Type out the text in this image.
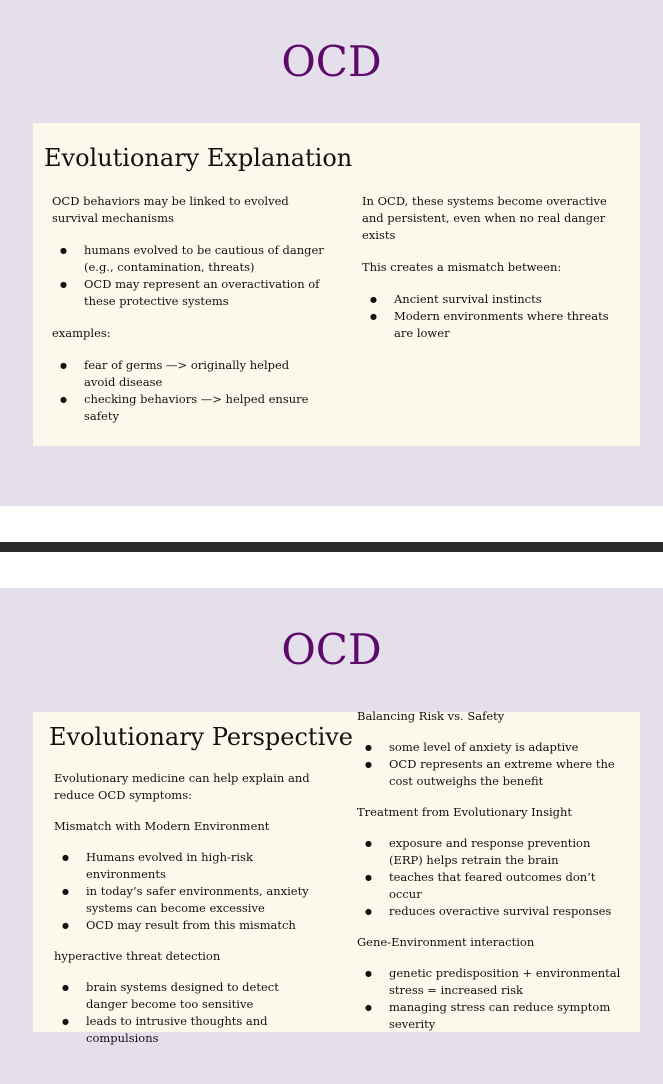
OCD
Evolutionary Explanation

OCD behaviors may be linked to evolved survival mechanisms

● humans evolved to be cautious of danger (e.g., contamination, threats)
● OCD may represent an overactivation of these protective systems

examples:

● fear of germs —> originally helped avoid disease
● checking behaviors —> helped ensure safety

In OCD, these systems become overactive and persistent, even when no real danger exists

This creates a mismatch between:

● Ancient survival instincts
● Modern environments where threats are lower
OCD
Evolutionary Perspective

Evolutionary medicine can help explain and reduce OCD symptoms:

Mismatch with Modern Environment

● Humans evolved in high-risk environments
● in today’s safer environments, anxiety systems can become excessive
● OCD may result from this mismatch

hyperactive threat detection

● brain systems designed to detect danger become too sensitive
● leads to intrusive thoughts and compulsions

Balancing Risk vs. Safety

● some level of anxiety is adaptive
● OCD represents an extreme where the cost outweighs the benefit

Treatment from Evolutionary Insight

● exposure and response prevention (ERP) helps retrain the brain
● teaches that feared outcomes don’t occur
● reduces overactive survival responses

Gene-Environment interaction

● genetic predisposition + environmental stress = increased risk
● managing stress can reduce symptom severity
